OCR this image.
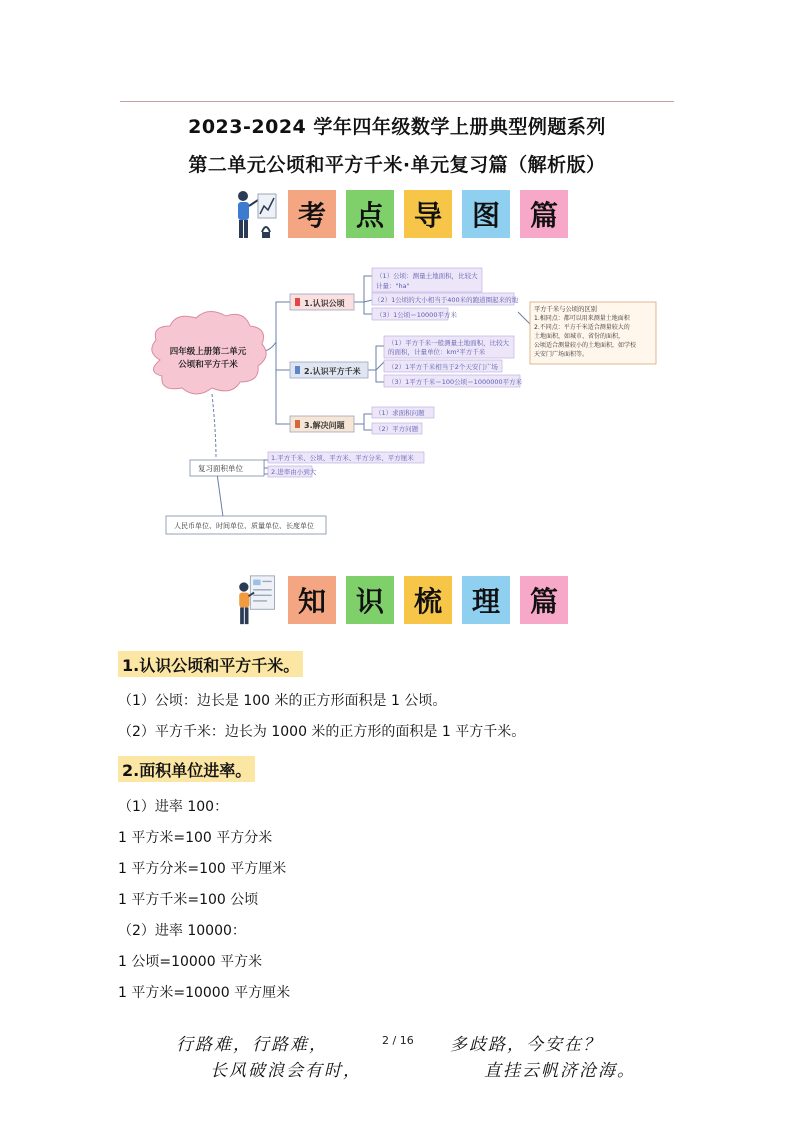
2023-2024 学年四年级数学上册典型例题系列
第二单元公顷和平方千米·单元复习篇（解析版）
考	点	导	图	篇
四年级上册第二单元
公顷和平方千米
1.认识公顷
（1）公顷：测量土地面积，比较大
计量："ha"
（2）1公顷的大小相当于400米的跑道圈起来的地
（3）1公顷＝10000平方米
2.认识平方千米
（1）平方千米一般测量土地面积，比较大
的面积，计量单位：km²平方千米
（2）1平方千米相当于2个天安门广场
（3）1平方千米＝100公顷＝1000000平方米
3.解决问题
（1）求面积问题
（2）平方问题
平方千米与公顷的区别
1.相同点：都可以用来测量土地面积
2.不同点：平方千米适合测量较大的
土地面积，如城市、省份的面积，
公顷适合测量较小的土地面积，如学校
天安门广场面积等。
复习面积单位
1.平方千米、公顷、平方米、平方分米、平方厘米
2.进率由小到大
人民币单位、时间单位、质量单位、长度单位
知	识	梳	理	篇
1.认识公顷和平方千米。
（1）公顷：边长是 100 米的正方形面积是 1 公顷。
（2）平方千米：边长为 1000 米的正方形的面积是 1 平方千米。
2.面积单位进率。
（1）进率 100：
1 平方米=100 平方分米
1 平方分米=100 平方厘米
1 平方千米=100 公顷
（2）进率 10000：
1 公顷=10000 平方米
1 平方米=10000 平方厘米
行路难，行路难，	多歧路，今安在？
长风破浪会有时，	直挂云帆济沧海。
2 / 16
